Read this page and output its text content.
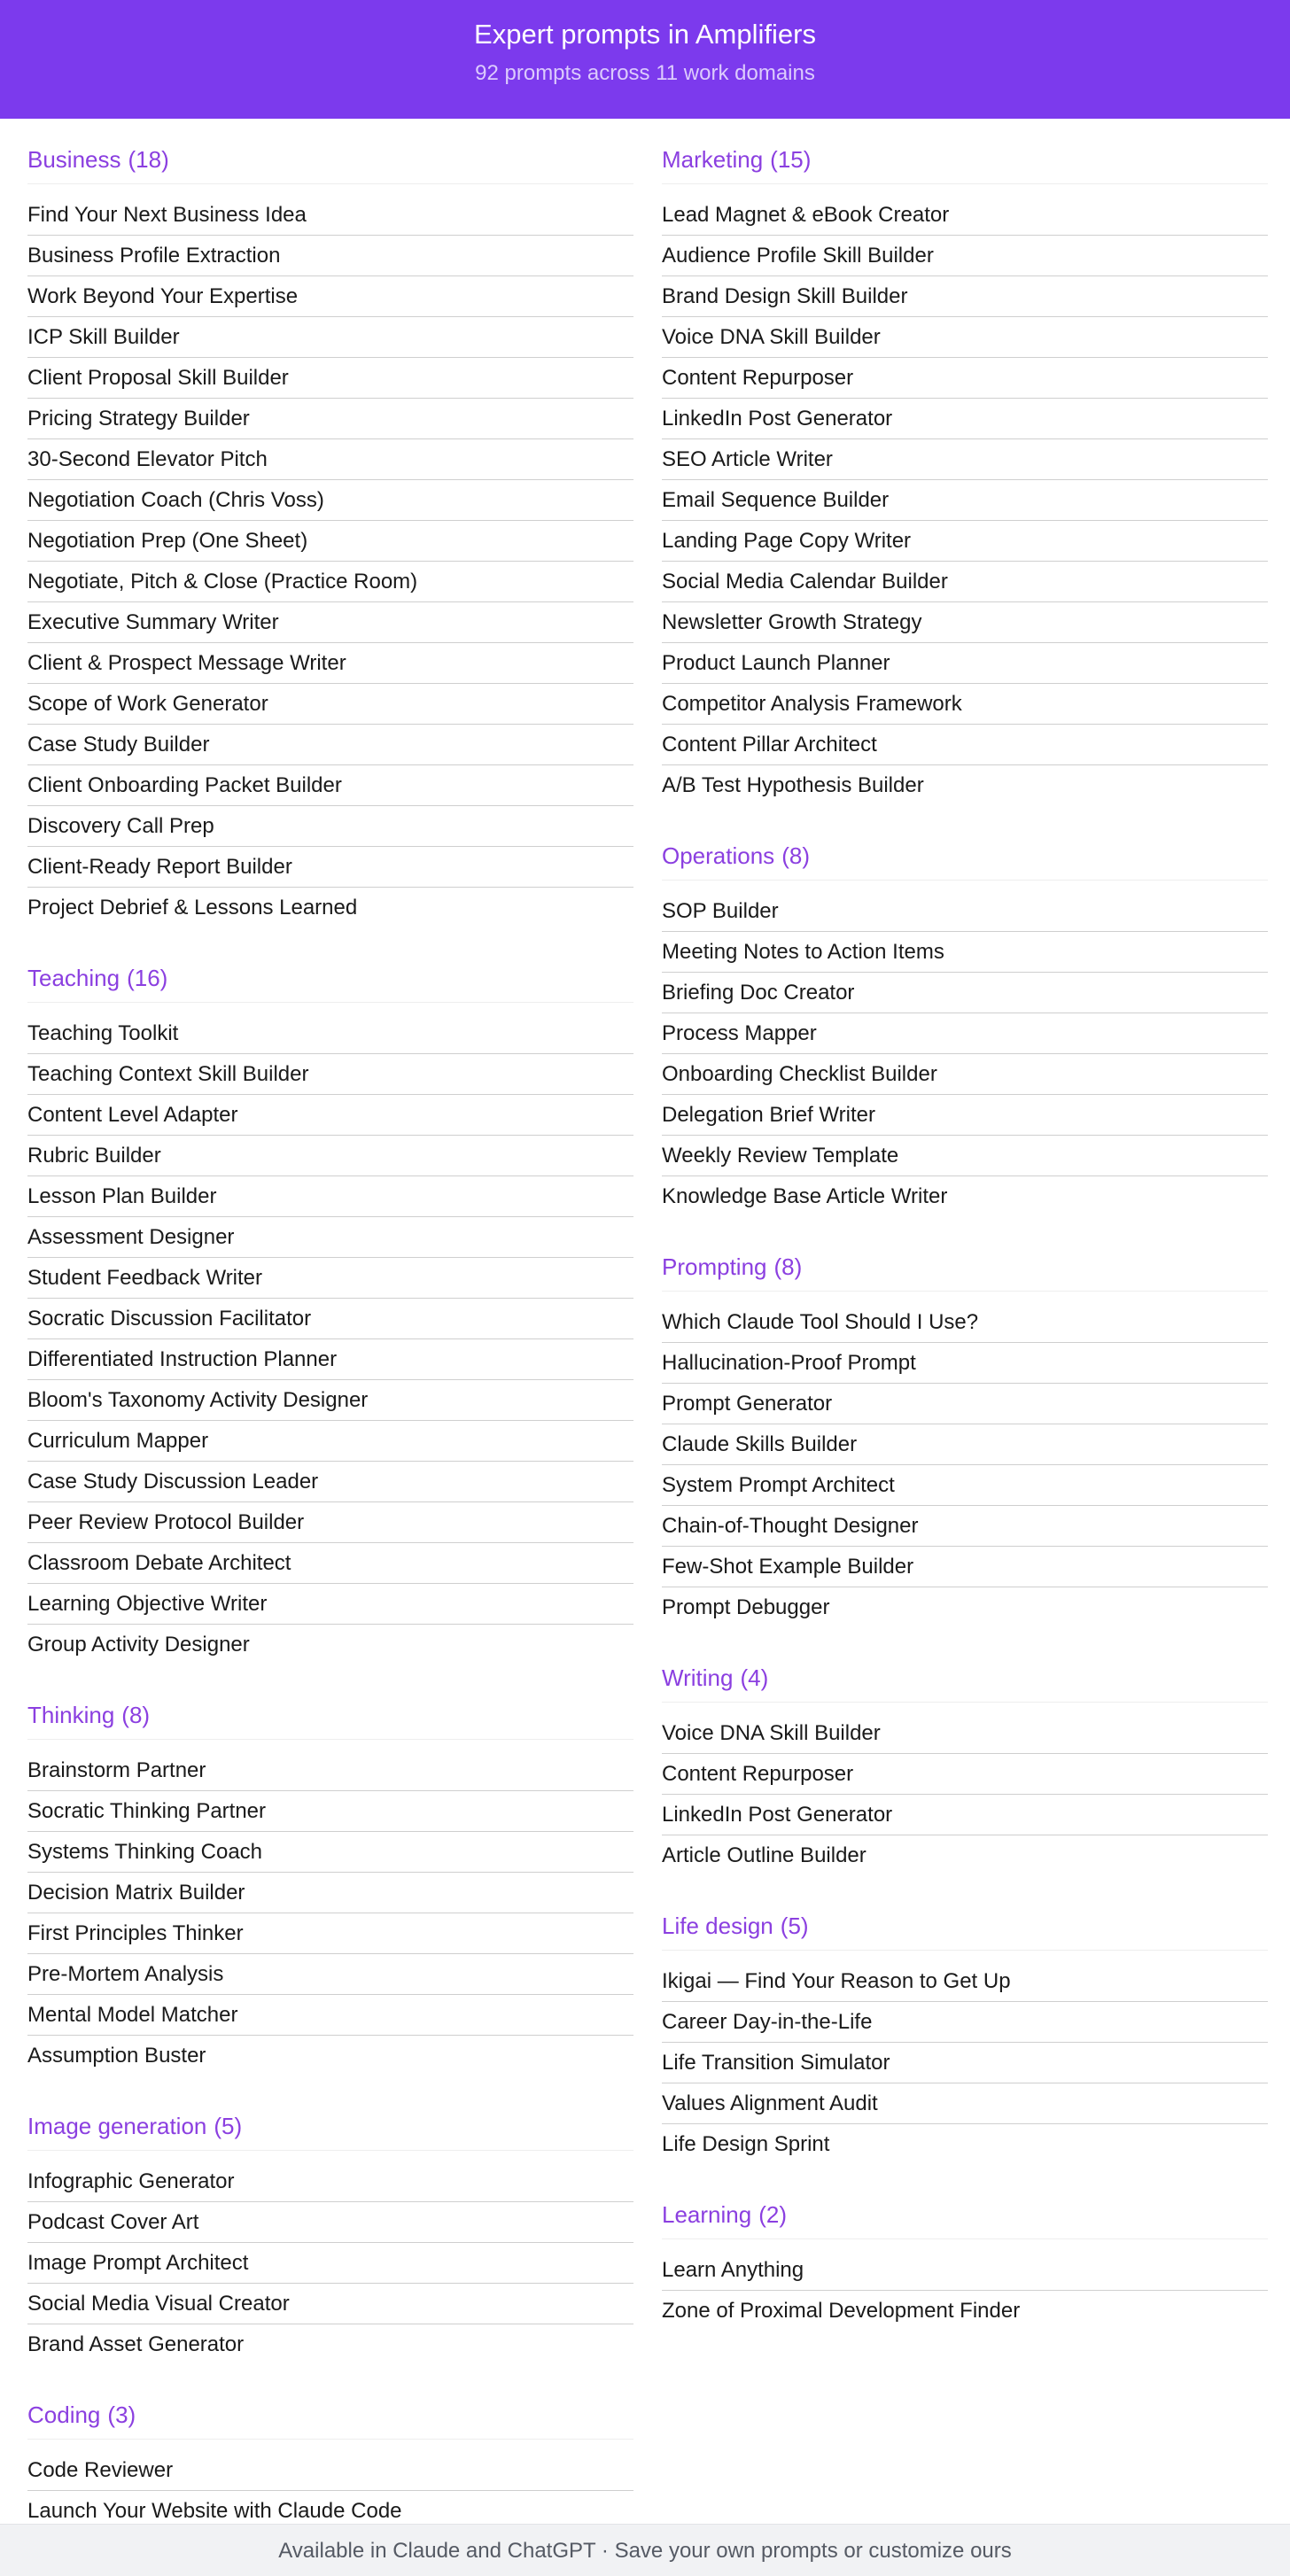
Expert prompts in Amplifiers
92 prompts across 11 work domains
Business (18)
Find Your Next Business Idea
Business Profile Extraction
Work Beyond Your Expertise
ICP Skill Builder
Client Proposal Skill Builder
Pricing Strategy Builder
30-Second Elevator Pitch
Negotiation Coach (Chris Voss)
Negotiation Prep (One Sheet)
Negotiate, Pitch & Close (Practice Room)
Executive Summary Writer
Client & Prospect Message Writer
Scope of Work Generator
Case Study Builder
Client Onboarding Packet Builder
Discovery Call Prep
Client-Ready Report Builder
Project Debrief & Lessons Learned
Teaching (16)
Teaching Toolkit
Teaching Context Skill Builder
Content Level Adapter
Rubric Builder
Lesson Plan Builder
Assessment Designer
Student Feedback Writer
Socratic Discussion Facilitator
Differentiated Instruction Planner
Bloom's Taxonomy Activity Designer
Curriculum Mapper
Case Study Discussion Leader
Peer Review Protocol Builder
Classroom Debate Architect
Learning Objective Writer
Group Activity Designer
Thinking (8)
Brainstorm Partner
Socratic Thinking Partner
Systems Thinking Coach
Decision Matrix Builder
First Principles Thinker
Pre-Mortem Analysis
Mental Model Matcher
Assumption Buster
Image generation (5)
Infographic Generator
Podcast Cover Art
Image Prompt Architect
Social Media Visual Creator
Brand Asset Generator
Coding (3)
Code Reviewer
Launch Your Website with Claude Code
Marketing (15)
Lead Magnet & eBook Creator
Audience Profile Skill Builder
Brand Design Skill Builder
Voice DNA Skill Builder
Content Repurposer
LinkedIn Post Generator
SEO Article Writer
Email Sequence Builder
Landing Page Copy Writer
Social Media Calendar Builder
Newsletter Growth Strategy
Product Launch Planner
Competitor Analysis Framework
Content Pillar Architect
A/B Test Hypothesis Builder
Operations (8)
SOP Builder
Meeting Notes to Action Items
Briefing Doc Creator
Process Mapper
Onboarding Checklist Builder
Delegation Brief Writer
Weekly Review Template
Knowledge Base Article Writer
Prompting (8)
Which Claude Tool Should I Use?
Hallucination-Proof Prompt
Prompt Generator
Claude Skills Builder
System Prompt Architect
Chain-of-Thought Designer
Few-Shot Example Builder
Prompt Debugger
Writing (4)
Voice DNA Skill Builder
Content Repurposer
LinkedIn Post Generator
Article Outline Builder
Life design (5)
Ikigai — Find Your Reason to Get Up
Career Day-in-the-Life
Life Transition Simulator
Values Alignment Audit
Life Design Sprint
Learning (2)
Learn Anything
Zone of Proximal Development Finder
Available in Claude and ChatGPT · Save your own prompts or customize ours
